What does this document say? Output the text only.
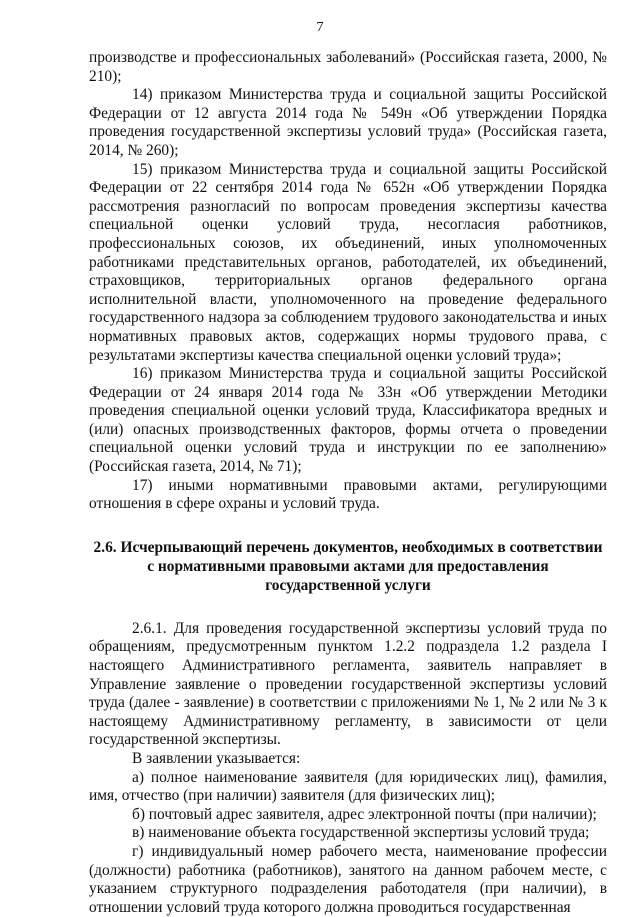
7

производстве и профессиональных заболеваний» (Российская газета, 2000, № 210);

14) приказом Министерства труда и социальной защиты Российской Федерации от 12 августа 2014 года № 549н «Об утверждении Порядка проведения государственной экспертизы условий труда» (Российская газета, 2014, № 260);

15) приказом Министерства труда и социальной защиты Российской Федерации от 22 сентября 2014 года № 652н «Об утверждении Порядка рассмотрения разногласий по вопросам проведения экспертизы качества специальной оценки условий труда, несогласия работников, профессиональных союзов, их объединений, иных уполномоченных работниками представительных органов, работодателей, их объединений, страховщиков, территориальных органов федерального органа исполнительной власти, уполномоченного на проведение федерального государственного надзора за соблюдением трудового законодательства и иных нормативных правовых актов, содержащих нормы трудового права, с результатами экспертизы качества специальной оценки условий труда»;

16) приказом Министерства труда и социальной защиты Российской Федерации от 24 января 2014 года № 33н «Об утверждении Методики проведения специальной оценки условий труда, Классификатора вредных и (или) опасных производственных факторов, формы отчета о проведении специальной оценки условий труда и инструкции по ее заполнению» (Российская газета, 2014, № 71);

17) иными нормативными правовыми актами, регулирующими отношения в сфере охраны и условий труда.

2.6. Исчерпывающий перечень документов, необходимых в соответствии с нормативными правовыми актами для предоставления государственной услуги

2.6.1. Для проведения государственной экспертизы условий труда по обращениям, предусмотренным пунктом 1.2.2 подраздела 1.2 раздела I настоящего Административного регламента, заявитель направляет в Управление заявление о проведении государственной экспертизы условий труда (далее - заявление) в соответствии с приложениями № 1, № 2 или № 3 к настоящему Административному регламенту, в зависимости от цели государственной экспертизы.

В заявлении указывается:

а) полное наименование заявителя (для юридических лиц), фамилия, имя, отчество (при наличии) заявителя (для физических лиц);

б) почтовый адрес заявителя, адрес электронной почты (при наличии);

в) наименование объекта государственной экспертизы условий труда;

г) индивидуальный номер рабочего места, наименование профессии (должности) работника (работников), занятого на данном рабочем месте, с указанием структурного подразделения работодателя (при наличии), в отношении условий труда которого должна проводиться государственная
